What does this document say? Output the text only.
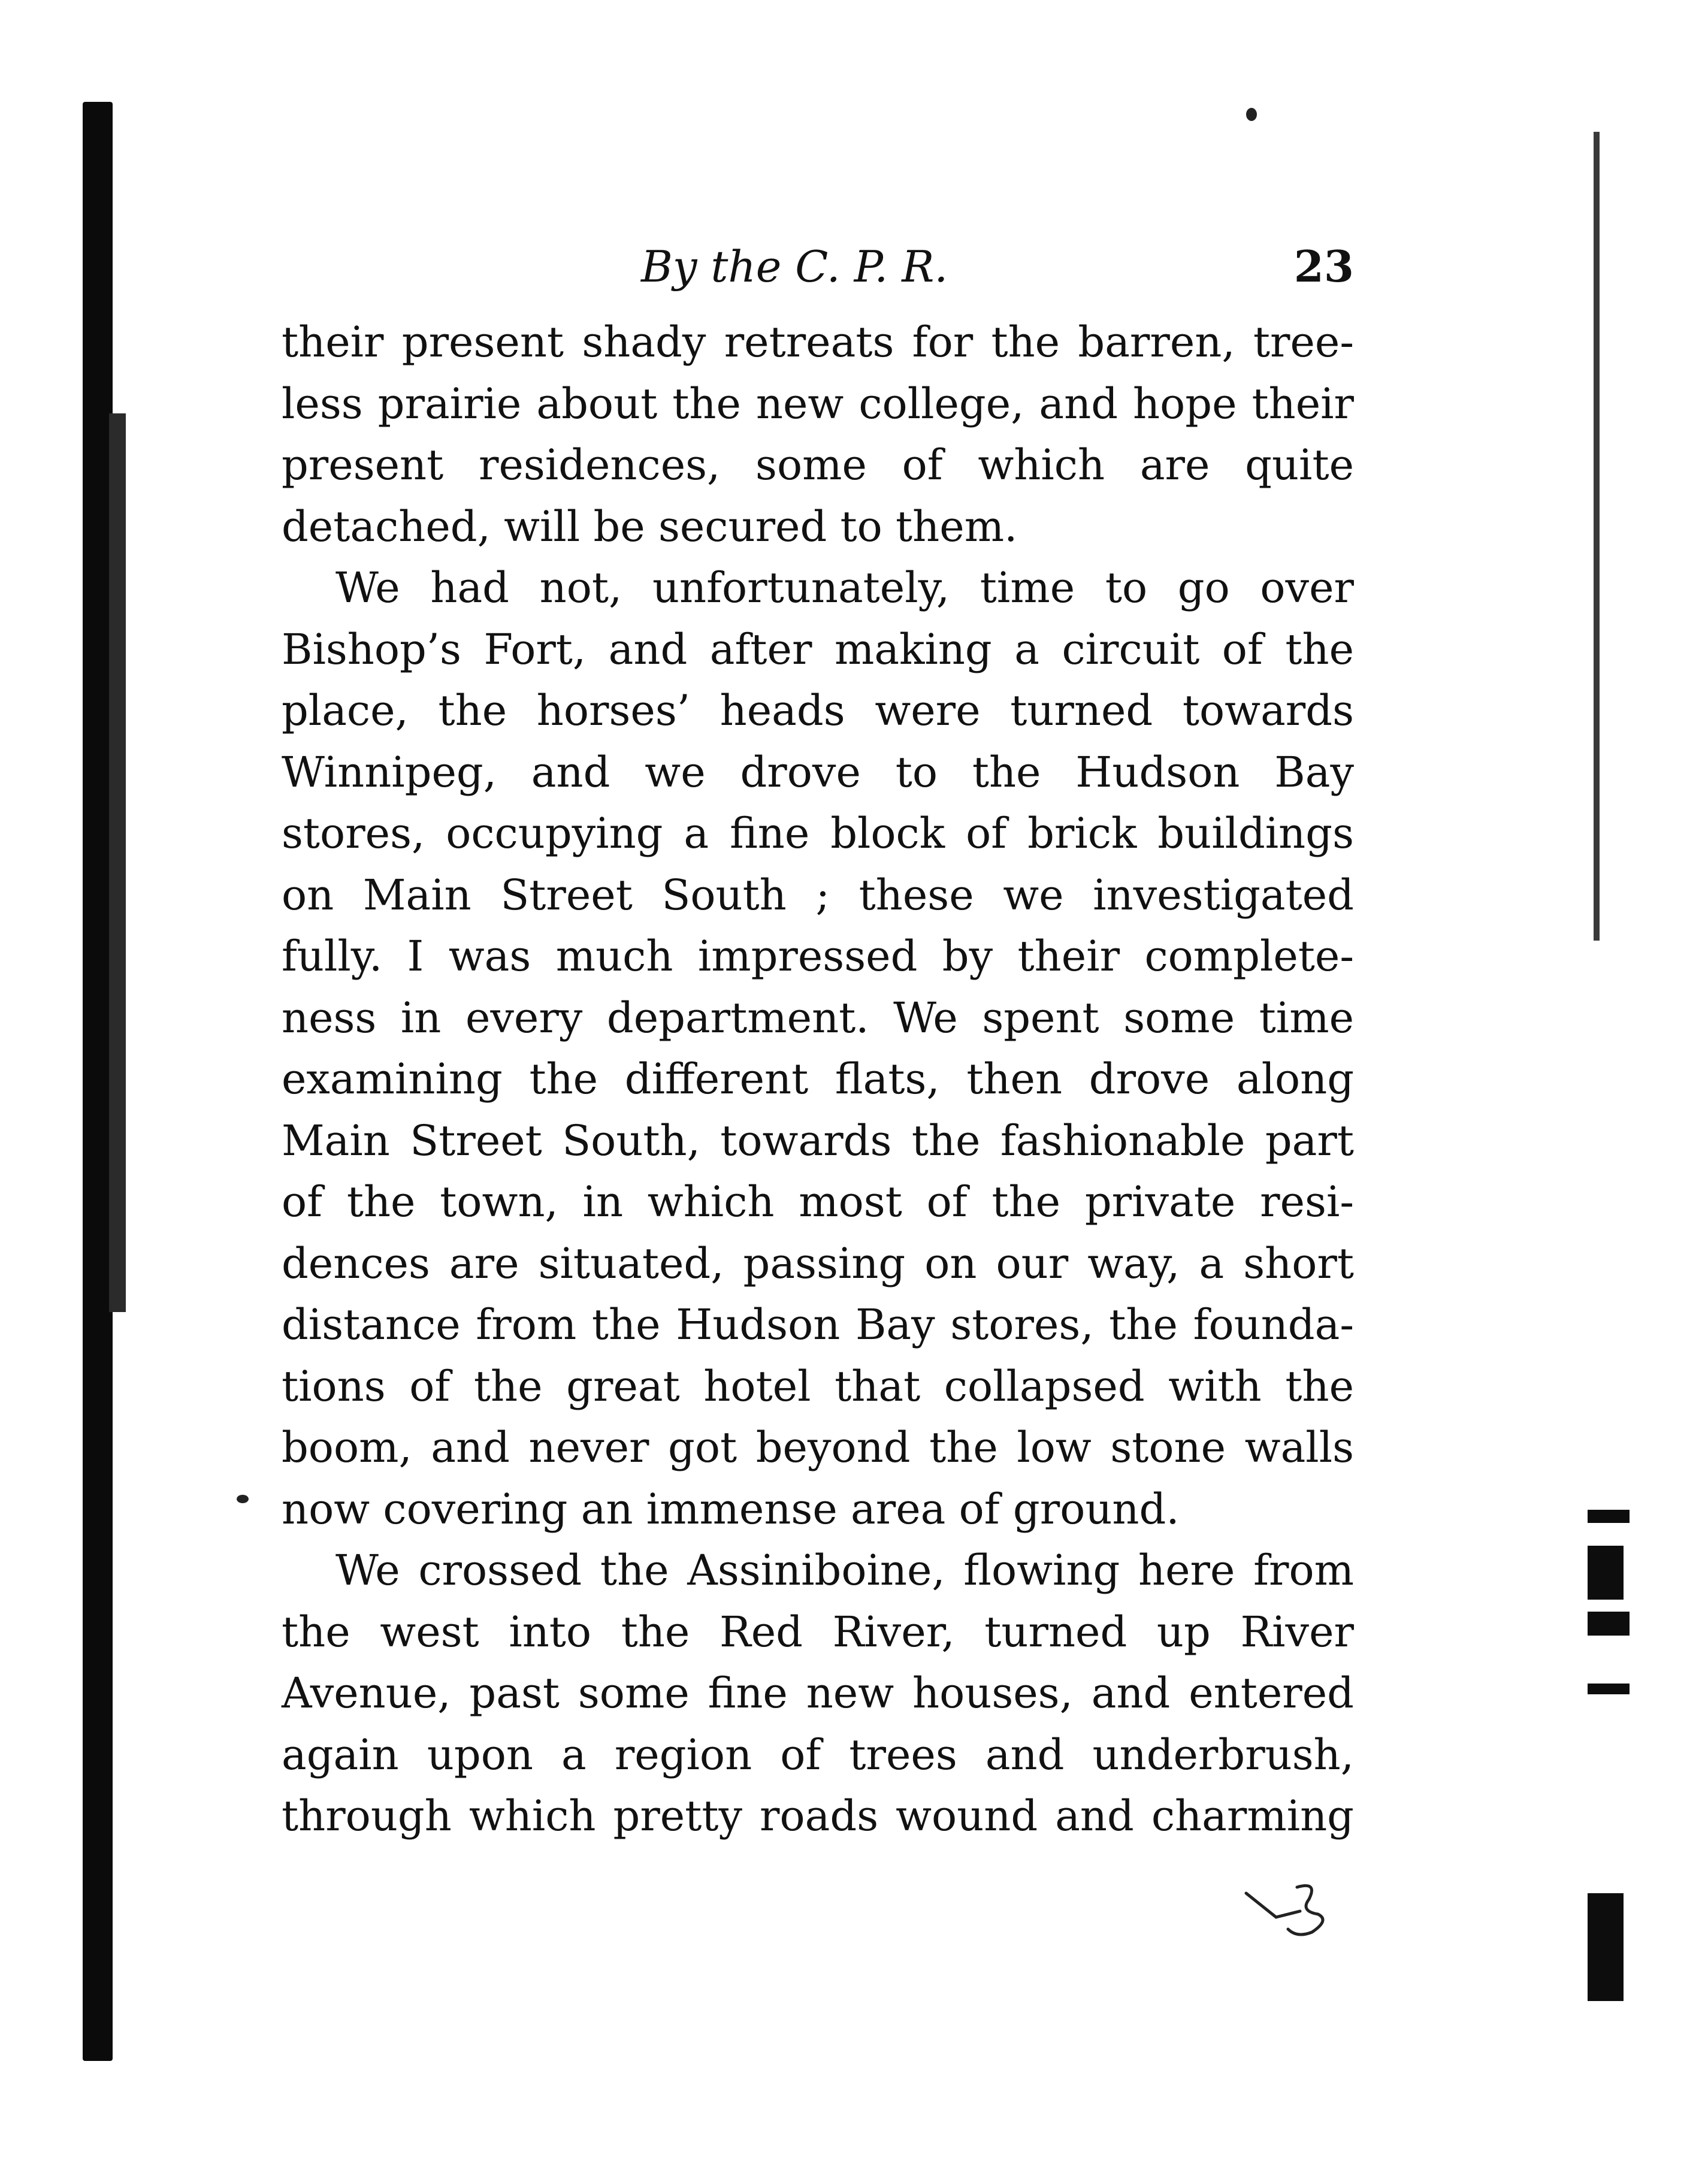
By the C. P. R.	23

their present shady retreats for the barren, tree-
less prairie about the new college, and hope their
present residences, some of which are quite
detached, will be secured to them.

We had not, unfortunately, time to go over
Bishop’s Fort, and after making a circuit of the
place, the horses’ heads were turned towards
Winnipeg, and we drove to the Hudson Bay
stores, occupying a fine block of brick buildings
on Main Street South ; these we investigated
fully. I was much impressed by their complete-
ness in every department. We spent some time
examining the different flats, then drove along
Main Street South, towards the fashionable part
of the town, in which most of the private resi-
dences are situated, passing on our way, a short
distance from the Hudson Bay stores, the founda-
tions of the great hotel that collapsed with the
boom, and never got beyond the low stone walls
now covering an immense area of ground.

We crossed the Assiniboine, flowing here from
the west into the Red River, turned up River
Avenue, past some fine new houses, and entered
again upon a region of trees and underbrush,
through which pretty roads wound and charming
